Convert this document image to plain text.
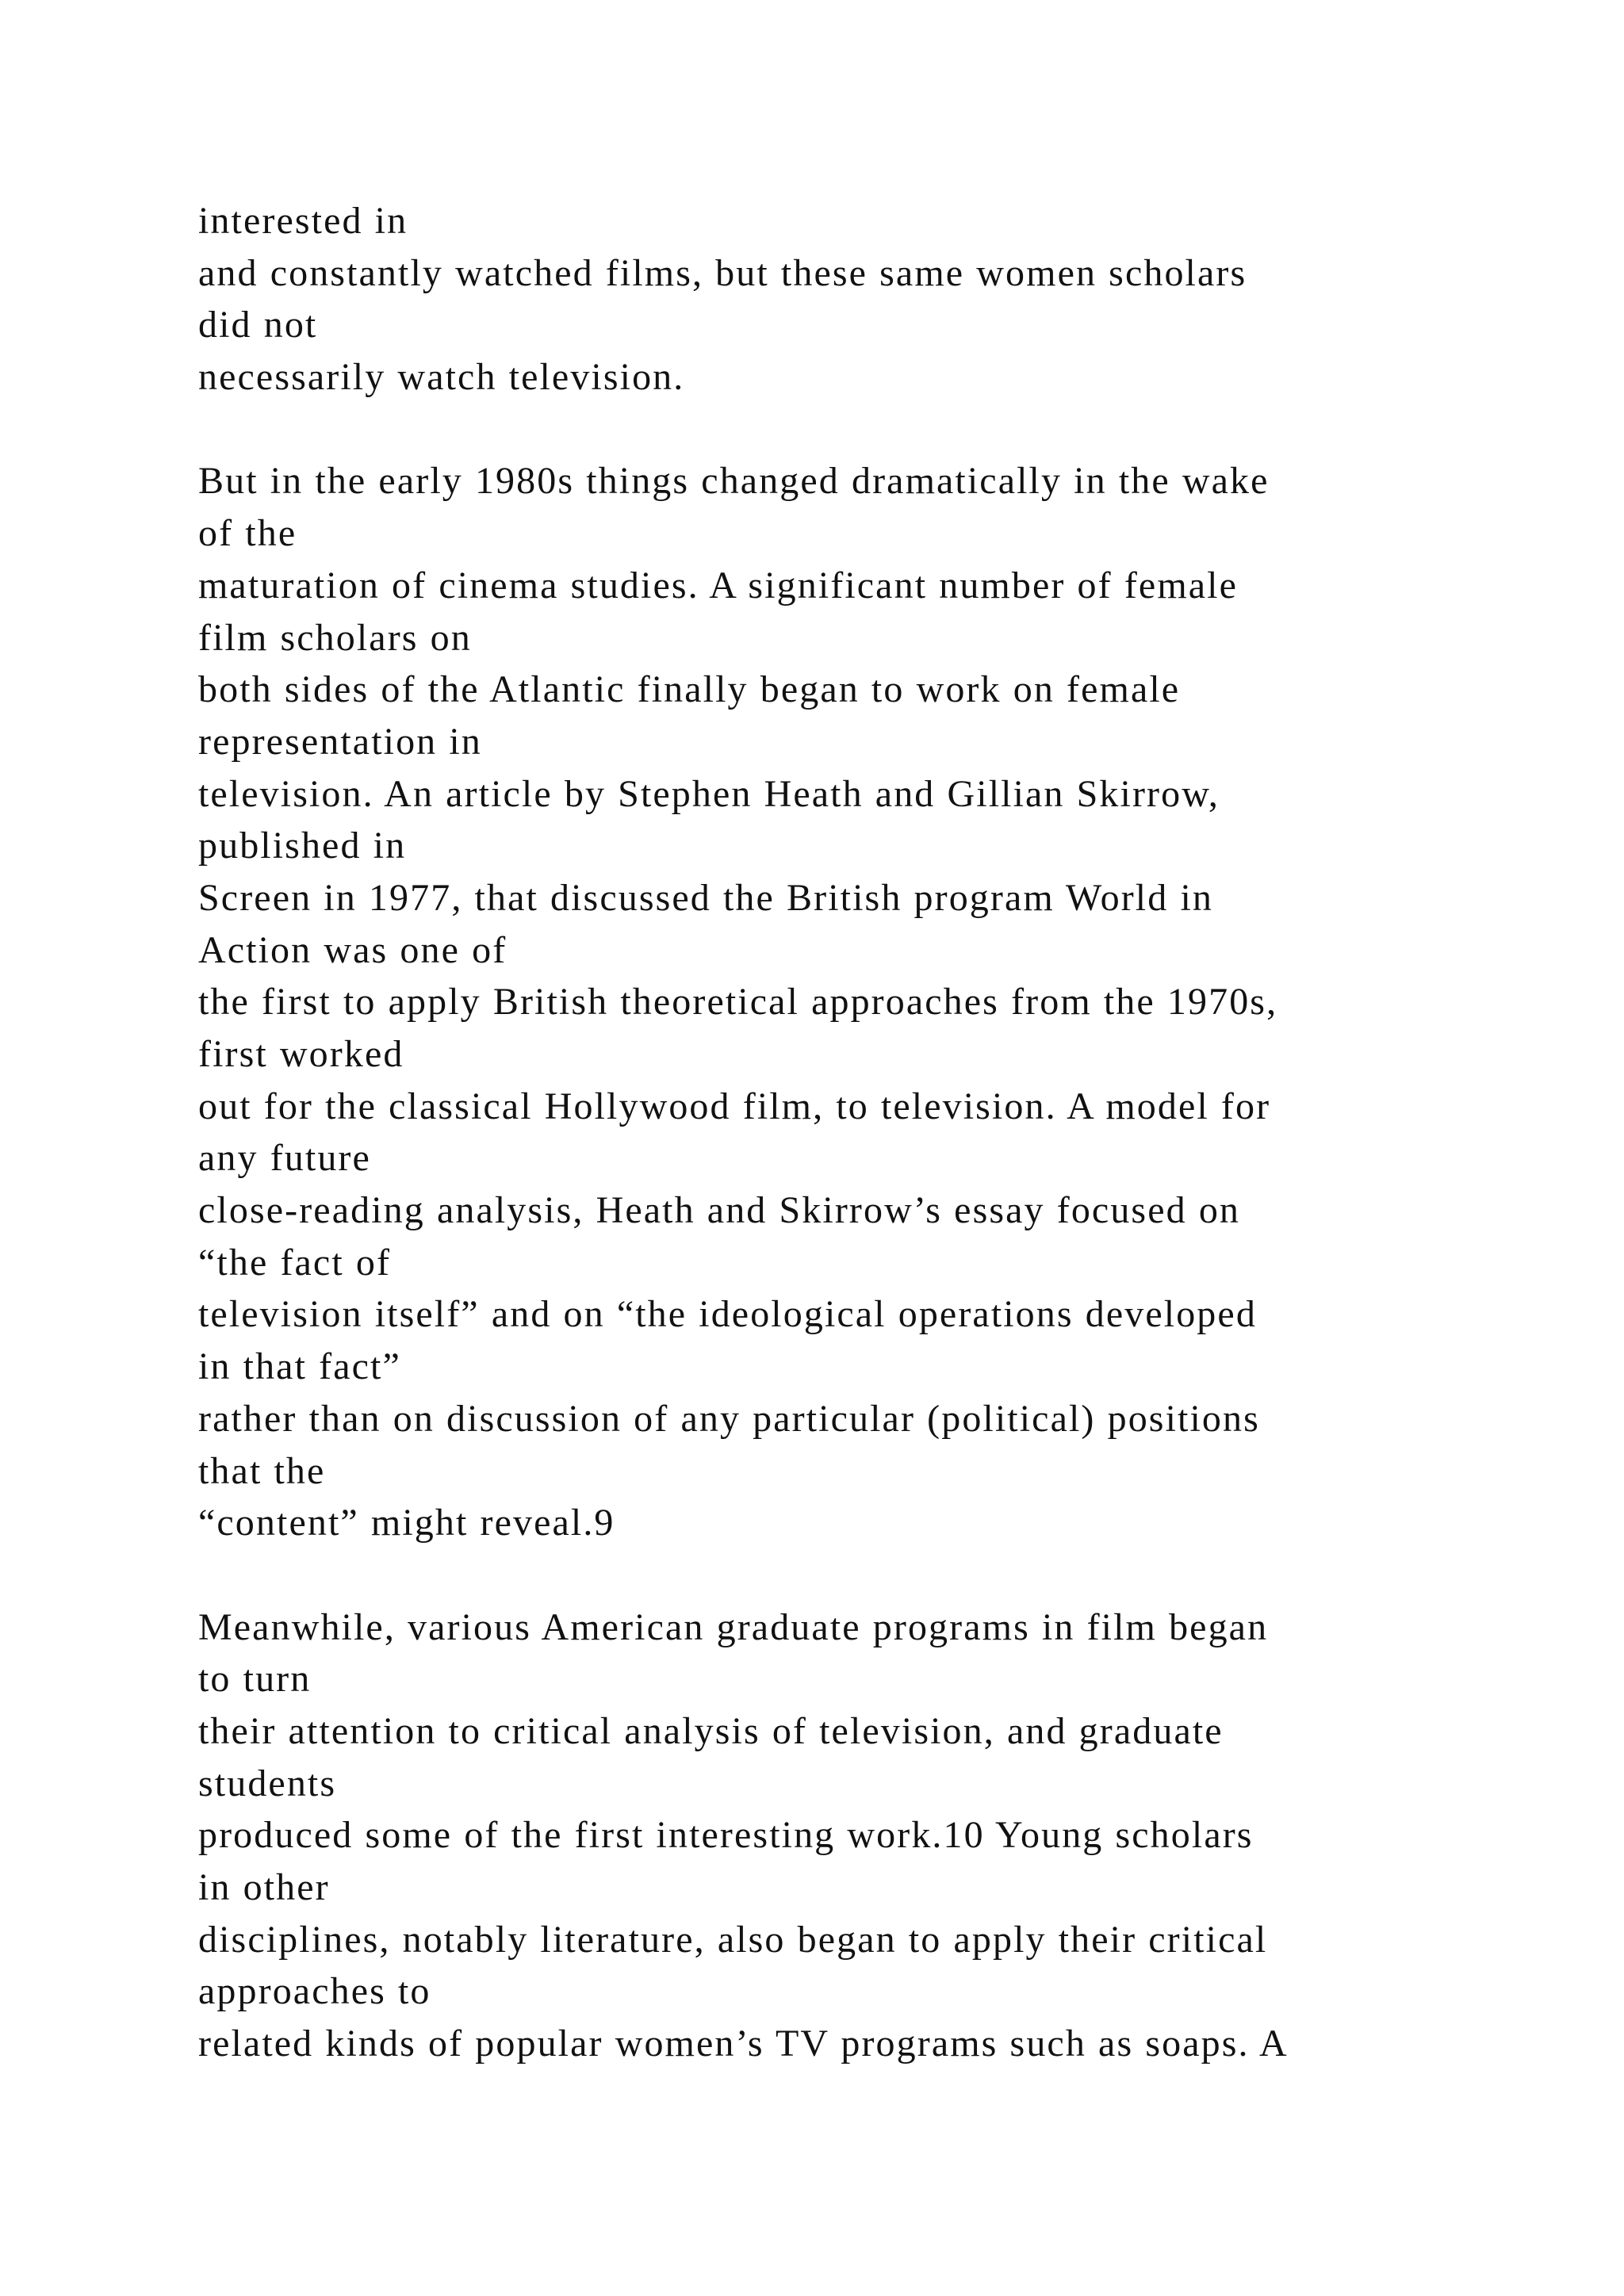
interested in
and constantly watched films, but these same women scholars
did not
necessarily watch television.
But in the early 1980s things changed dramatically in the wake
of the
maturation of cinema studies. A significant number of female
film scholars on
both sides of the Atlantic finally began to work on female
representation in
television. An article by Stephen Heath and Gillian Skirrow,
published in
Screen in 1977, that discussed the British program World in
Action was one of
the first to apply British theoretical approaches from the 1970s,
first worked
out for the classical Hollywood film, to television. A model for
any future
close-reading analysis, Heath and Skirrow’s essay focused on
“the fact of
television itself” and on “the ideological operations developed
in that fact”
rather than on discussion of any particular (political) positions
that the
“content” might reveal.9
Meanwhile, various American graduate programs in film began
to turn
their attention to critical analysis of television, and graduate
students
produced some of the first interesting work.10 Young scholars
in other
disciplines, notably literature, also began to apply their critical
approaches to
related kinds of popular women’s TV programs such as soaps. A
